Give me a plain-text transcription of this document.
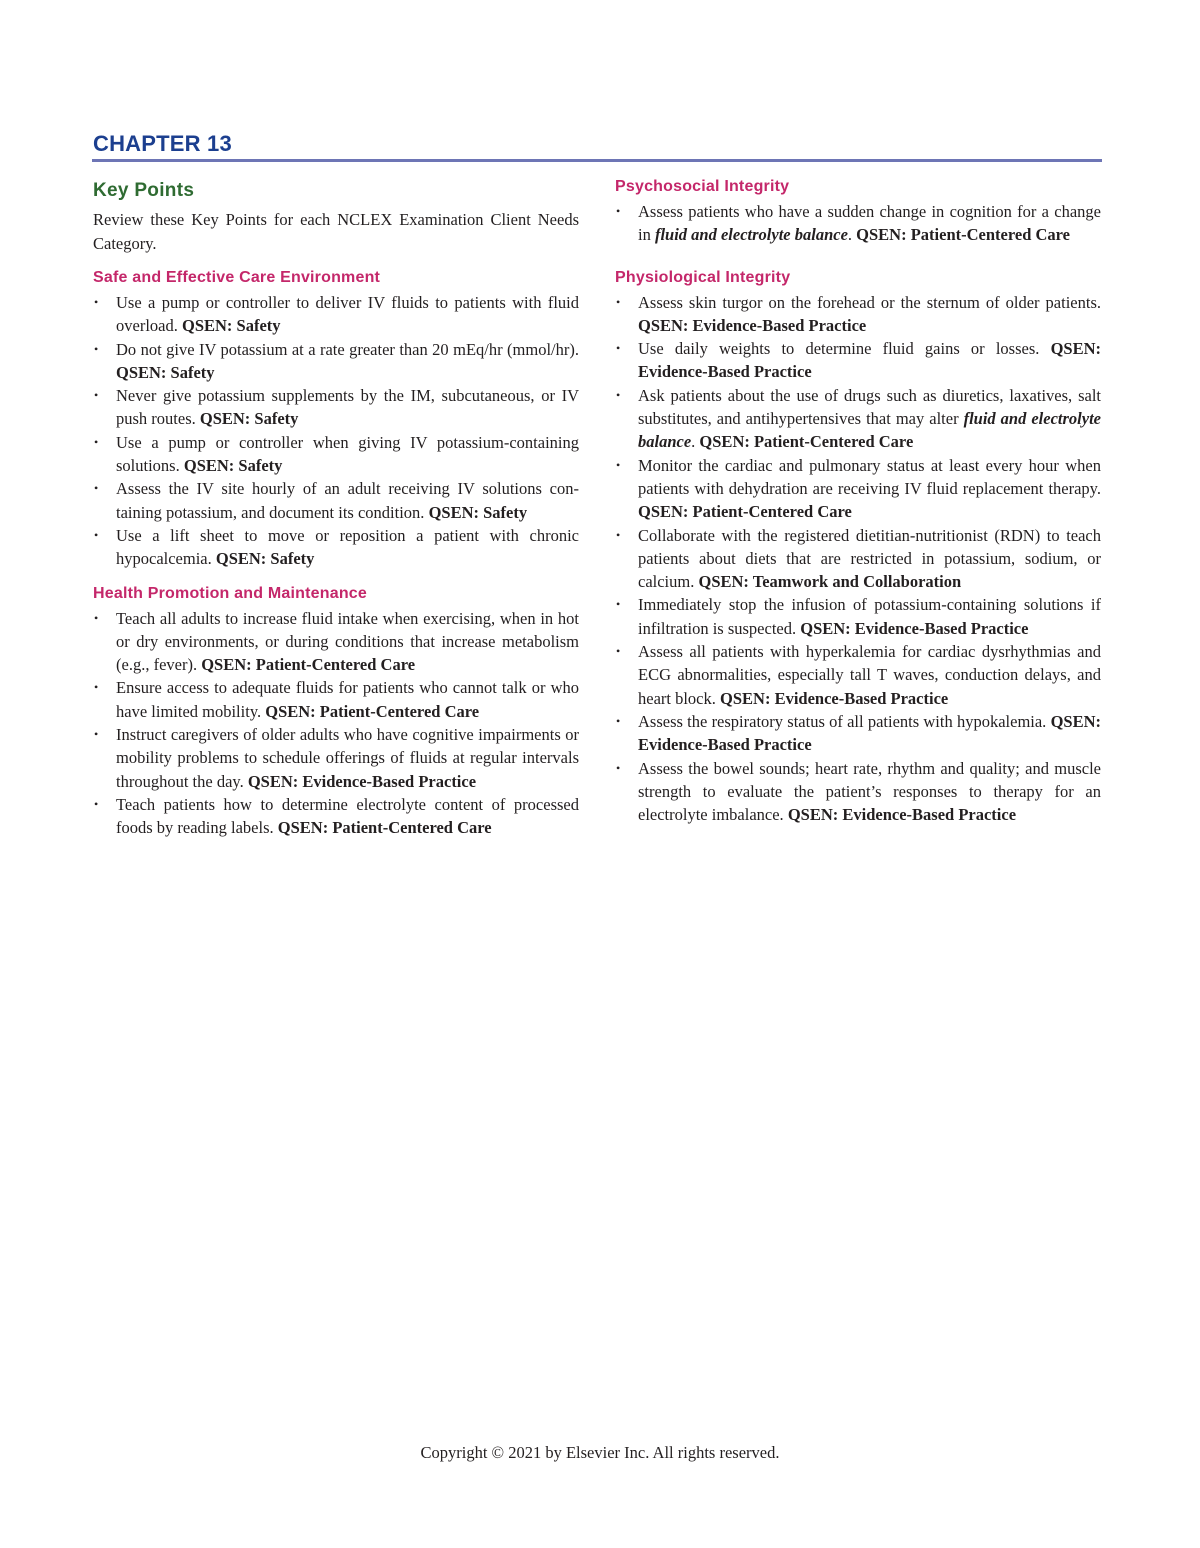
CHAPTER 13
Key Points

Review these Key Points for each NCLEX Examination Client Needs Category.

Safe and Effective Care Environment
• Use a pump or controller to deliver IV fluids to patients with fluid overload. QSEN: Safety
• Do not give IV potassium at a rate greater than 20 mEq/hr (mmol/hr). QSEN: Safety
• Never give potassium supplements by the IM, subcutaneous, or IV push routes. QSEN: Safety
• Use a pump or controller when giving IV potassium-containing solutions. QSEN: Safety
• Assess the IV site hourly of an adult receiving IV solutions containing potassium, and document its condition. QSEN: Safety
• Use a lift sheet to move or reposition a patient with chronic hypocalcemia. QSEN: Safety
Health Promotion and Maintenance
• Teach all adults to increase fluid intake when exercising, when in hot or dry environments, or during conditions that increase metabolism (e.g., fever). QSEN: Patient-Centered Care
• Ensure access to adequate fluids for patients who cannot talk or who have limited mobility. QSEN: Patient-Centered Care
• Instruct caregivers of older adults who have cognitive impairments or mobility problems to schedule offerings of fluids at regular intervals throughout the day. QSEN: Evidence-Based Practice
• Teach patients how to determine electrolyte content of processed foods by reading labels. QSEN: Patient-Centered Care
Psychosocial Integrity
• Assess patients who have a sudden change in cognition for a change in fluid and electrolyte balance. QSEN: Patient-Centered Care
Physiological Integrity
• Assess skin turgor on the forehead or the sternum of older patients. QSEN: Evidence-Based Practice
• Use daily weights to determine fluid gains or losses. QSEN: Evidence-Based Practice
• Ask patients about the use of drugs such as diuretics, laxatives, salt substitutes, and antihypertensives that may alter fluid and electrolyte balance. QSEN: Patient-Centered Care
• Monitor the cardiac and pulmonary status at least every hour when patients with dehydration are receiving IV fluid replacement therapy. QSEN: Patient-Centered Care
• Collaborate with the registered dietitian-nutritionist (RDN) to teach patients about diets that are restricted in potassium, sodium, or calcium. QSEN: Teamwork and Collaboration
• Immediately stop the infusion of potassium-containing solutions if infiltration is suspected. QSEN: Evidence-Based Practice
• Assess all patients with hyperkalemia for cardiac dysrhythmias and ECG abnormalities, especially tall T waves, conduction delays, and heart block. QSEN: Evidence-Based Practice
• Assess the respiratory status of all patients with hypokalemia. QSEN: Evidence-Based Practice
• Assess the bowel sounds; heart rate, rhythm and quality; and muscle strength to evaluate the patient’s responses to therapy for an electrolyte imbalance. QSEN: Evidence-Based Practice
Copyright © 2021 by Elsevier Inc. All rights reserved.
